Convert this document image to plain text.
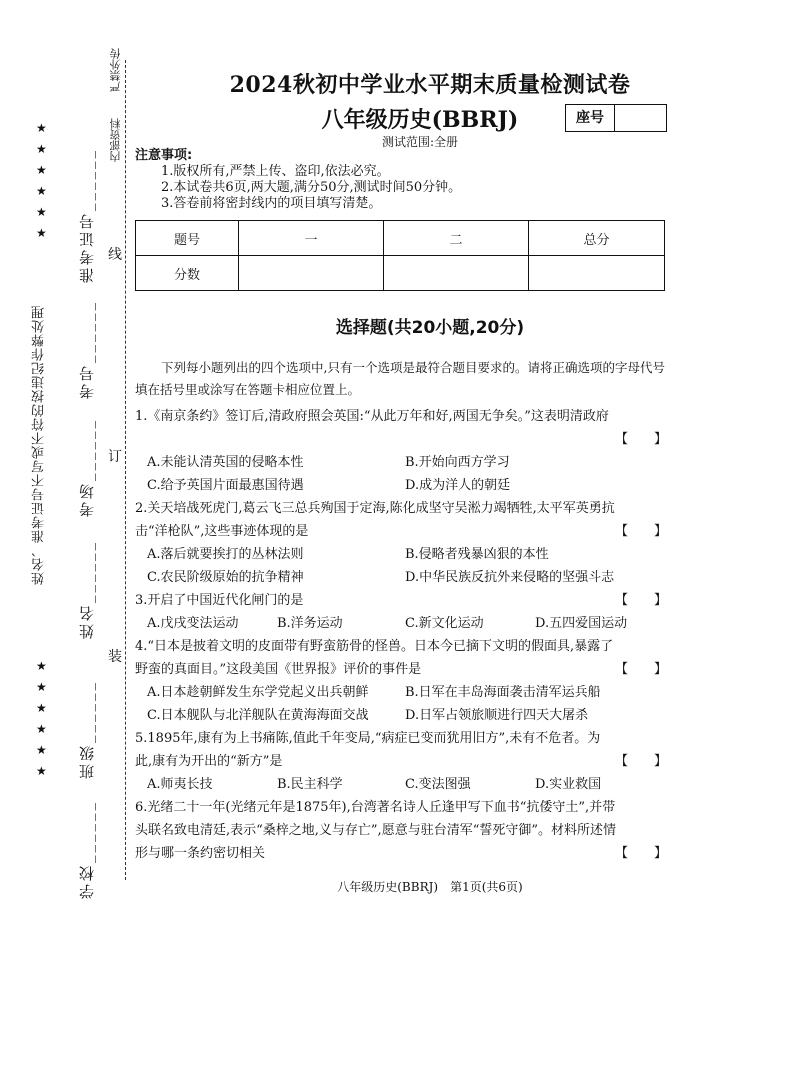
★
★
★
★
★
★
★
★
★
★
★
★
姓名、准考证号不写或不符的按违纪作弊处理
准考证号______
考号______
考场______
姓名______
班级______
学校______
严禁外传
内部资料
线
订
装
2024秋初中学业水平期末质量检测试卷
八年级历史(BBRJ)	座号
测试范围:全册
注意事项:
1.版权所有,严禁上传、盗印,依法必究。
2.本试卷共6页,两大题,满分50分,测试时间50分钟。
3.答卷前将密封线内的项目填写清楚。
题号	一	二	总分
分数			
选择题(共20小题,20分)
下列每小题列出的四个选项中,只有一个选项是最符合题目要求的。请将正确选项的字母代号填在括号里或涂写在答题卡相应位置上。
1.《南京条约》签订后,清政府照会英国:“从此万年和好,两国无争矣。”这表明清政府
【　　】
A.未能认清英国的侵略本性	B.开始向西方学习
C.给予英国片面最惠国待遇	D.成为洋人的朝廷
2.关天培战死虎门,葛云飞三总兵殉国于定海,陈化成坚守吴淞力竭牺牲,太平军英勇抗击“洋枪队”,这些事迹体现的是	【　　】
A.落后就要挨打的丛林法则	B.侵略者残暴凶狠的本性
C.农民阶级原始的抗争精神	D.中华民族反抗外来侵略的坚强斗志
3.开启了中国近代化闸门的是	【　　】
A.戊戌变法运动	B.洋务运动	C.新文化运动	D.五四爱国运动
4.“日本是披着文明的皮面带有野蛮筋骨的怪兽。日本今已摘下文明的假面具,暴露了野蛮的真面目。”这段美国《世界报》评价的事件是	【　　】
A.日本趁朝鲜发生东学党起义出兵朝鲜	B.日军在丰岛海面袭击清军运兵船
C.日本舰队与北洋舰队在黄海海面交战	D.日军占领旅顺进行四天大屠杀
5.1895年,康有为上书痛陈,值此千年变局,“病症已变而犹用旧方”,未有不危者。为此,康有为开出的“新方”是	【　　】
A.师夷长技	B.民主科学	C.变法图强	D.实业救国
6.光绪二十一年(光绪元年是1875年),台湾著名诗人丘逢甲写下血书“抗倭守土”,并带头联名致电清廷,表示“桑梓之地,义与存亡”,愿意与驻台清军“誓死守御”。材料所述情形与哪一条约密切相关	【　　】
八年级历史(BBRJ)　第1页(共6页)
